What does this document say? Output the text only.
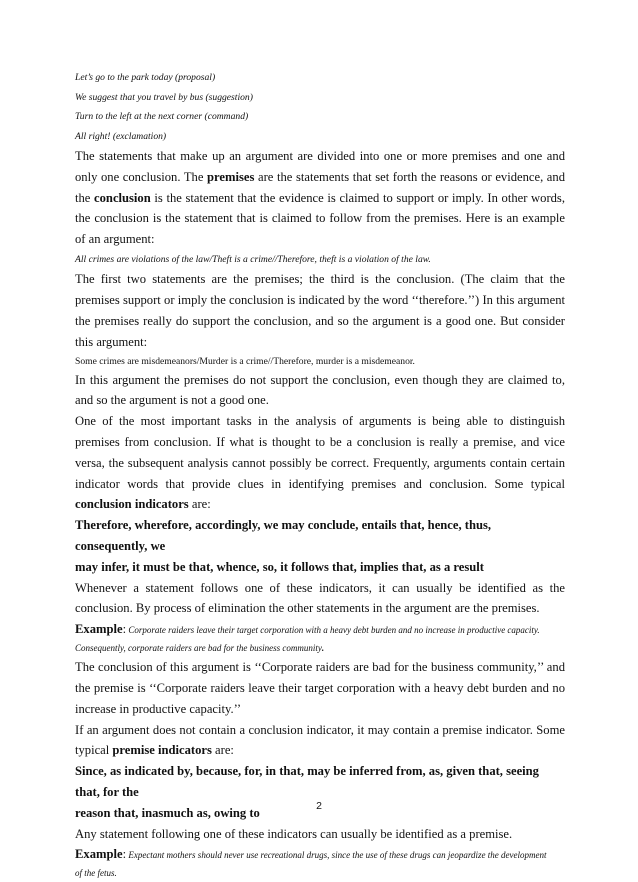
Let’s go to the park today (proposal)
We suggest that you travel by bus (suggestion)
Turn to the left at the next corner (command)
All right! (exclamation)

The statements that make up an argument are divided into one or more premises and one and only one conclusion. The premises are the statements that set forth the reasons or evidence, and the conclusion is the statement that the evidence is claimed to support or imply. In other words, the conclusion is the statement that is claimed to follow from the premises. Here is an example of an argument:

All crimes are violations of the law/Theft is a crime//Therefore, theft is a violation of the law.

The first two statements are the premises; the third is the conclusion. (The claim that the premises support or imply the conclusion is indicated by the word ‘‘therefore.’’) In this argument the premises really do support the conclusion, and so the argument is a good one. But consider this argument:

Some crimes are misdemeanors/Murder is a crime//Therefore, murder is a misdemeanor.

In this argument the premises do not support the conclusion, even though they are claimed to, and so the argument is not a good one.

One of the most important tasks in the analysis of arguments is being able to distinguish premises from conclusion. If what is thought to be a conclusion is really a premise, and vice versa, the subsequent analysis cannot possibly be correct. Frequently, arguments contain certain indicator words that provide clues in identifying premises and conclusion. Some typical conclusion indicators are:

Therefore, wherefore, accordingly, we may conclude, entails that, hence, thus, consequently, we
may infer, it must be that, whence, so, it follows that, implies that, as a result

Whenever a statement follows one of these indicators, it can usually be identified as the conclusion. By process of elimination the other statements in the argument are the premises.

Example: Corporate raiders leave their target corporation with a heavy debt burden and no increase in productive capacity.
Consequently, corporate raiders are bad for the business community.

The conclusion of this argument is ‘‘Corporate raiders are bad for the business community,’’ and the premise is ‘‘Corporate raiders leave their target corporation with a heavy debt burden and no increase in productive capacity.’’

If an argument does not contain a conclusion indicator, it may contain a premise indicator. Some typical premise indicators are:

Since, as indicated by, because, for, in that, may be inferred from, as, given that, seeing that, for the
reason that, inasmuch as, owing to

Any statement following one of these indicators can usually be identified as a premise.

Example: Expectant mothers should never use recreational drugs, since the use of these drugs can jeopardize the development
of the fetus.
2
